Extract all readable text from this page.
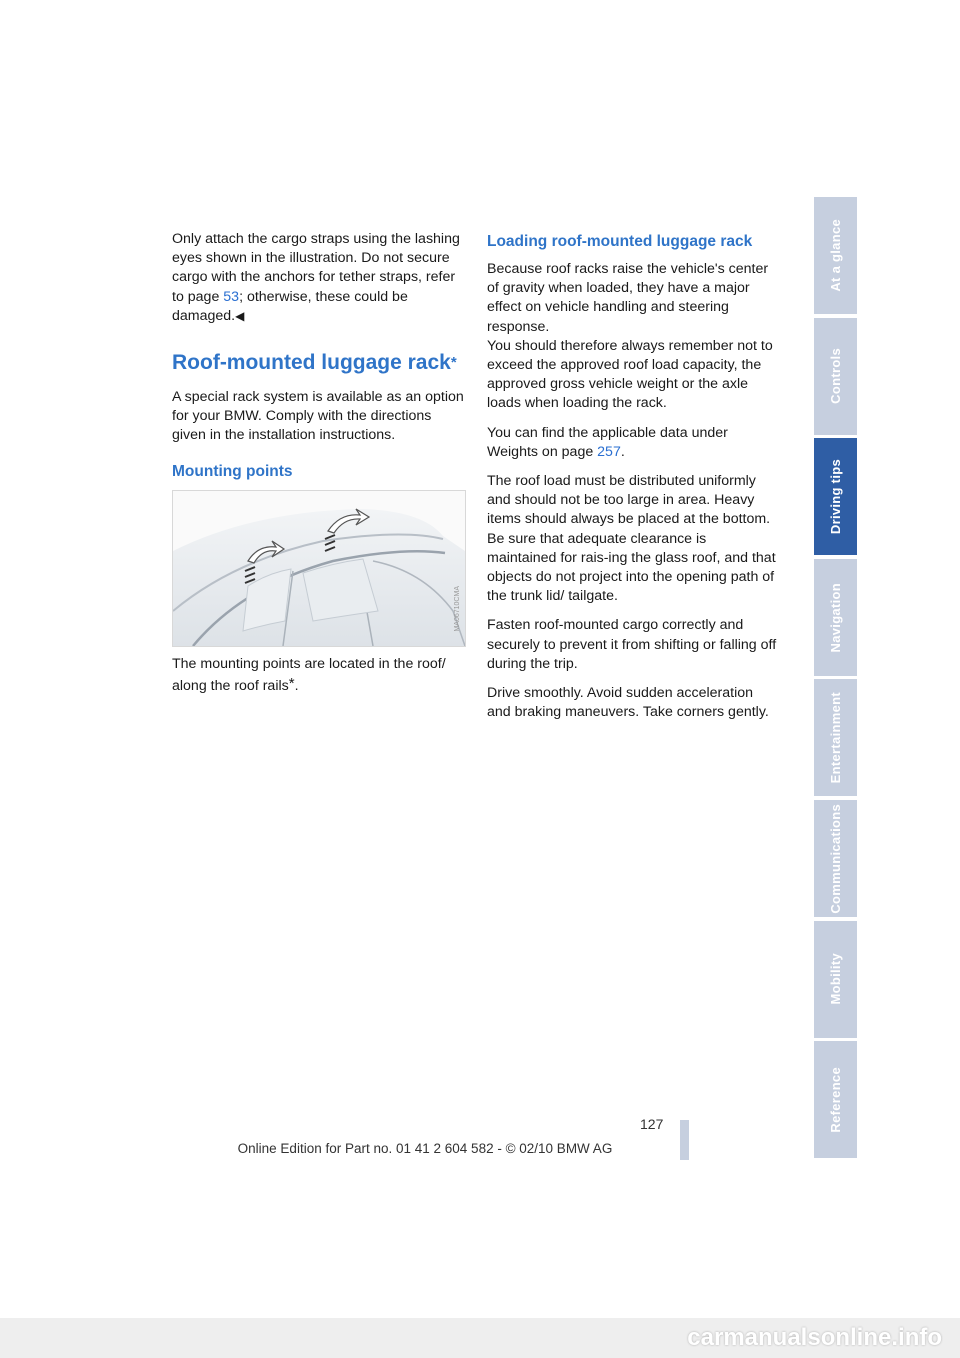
Only attach the cargo straps using the lashing eyes shown in the illustration. Do not secure cargo with the anchors for tether straps, refer to page 53; otherwise, these could be damaged.◀

Roof-mounted luggage rack*

A special rack system is available as an option for your BMW. Comply with the directions given in the installation instructions.

Mounting points
MA06710CMA

The mounting points are located in the roof/ along the roof rails*.

Loading roof-mounted luggage rack

Because roof racks raise the vehicle's center of gravity when loaded, they have a major effect on vehicle handling and steering response.

You should therefore always remember not to exceed the approved roof load capacity, the approved gross vehicle weight or the axle loads when loading the rack.

You can find the applicable data under Weights on page 257.

The roof load must be distributed uniformly and should not be too large in area. Heavy items should always be placed at the bottom. Be sure that adequate clearance is maintained for rais-ing the glass roof, and that objects do not project into the opening path of the trunk lid/ tailgate.

Fasten roof-mounted cargo correctly and securely to prevent it from shifting or falling off during the trip.

Drive smoothly. Avoid sudden acceleration and braking maneuvers. Take corners gently.

At a glance
Controls
Driving tips
Navigation
Entertainment
Communications
Mobility
Reference
127
Online Edition for Part no. 01 41 2 604 582 - © 02/10 BMW AG
carmanualsonline.info
